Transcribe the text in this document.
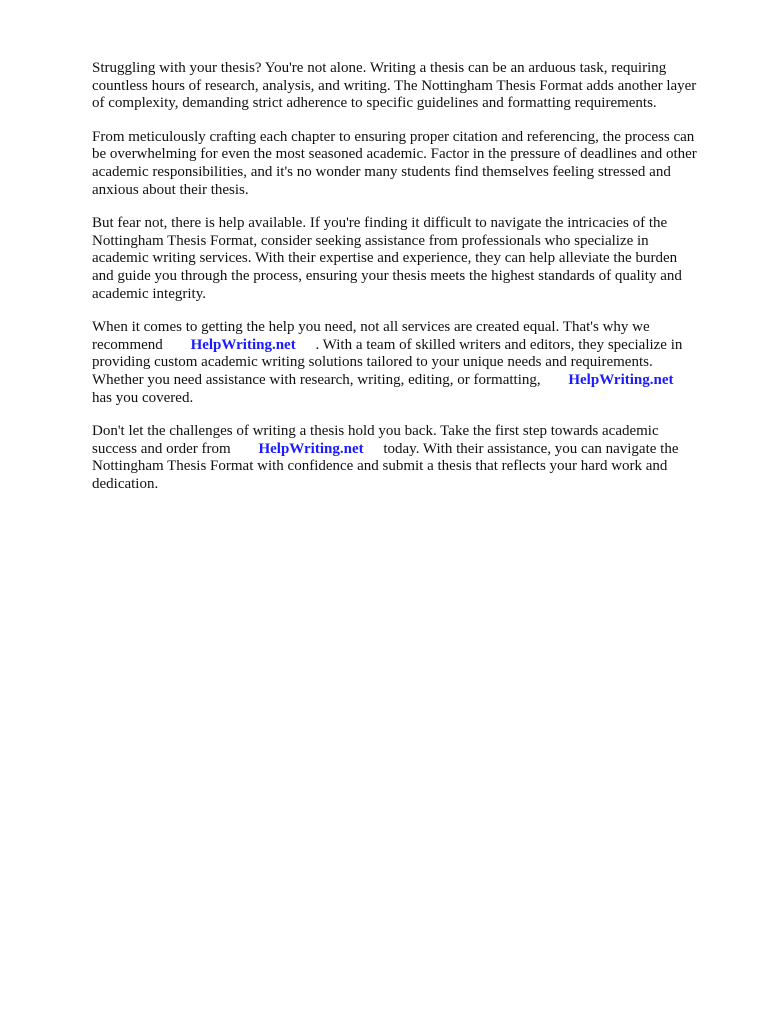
Struggling with your thesis? You're not alone. Writing a thesis can be an arduous task, requiring
countless hours of research, analysis, and writing. The Nottingham Thesis Format adds another layer
of complexity, demanding strict adherence to specific guidelines and formatting requirements.

From meticulously crafting each chapter to ensuring proper citation and referencing, the process can
be overwhelming for even the most seasoned academic. Factor in the pressure of deadlines and other
academic responsibilities, and it's no wonder many students find themselves feeling stressed and
anxious about their thesis.

But fear not, there is help available. If you're finding it difficult to navigate the intricacies of the
Nottingham Thesis Format, consider seeking assistance from professionals who specialize in
academic writing services. With their expertise and experience, they can help alleviate the burden
and guide you through the process, ensuring your thesis meets the highest standards of quality and
academic integrity.

When it comes to getting the help you need, not all services are created equal. That's why we
recommend HelpWriting.net . With a team of skilled writers and editors, they specialize in
providing custom academic writing solutions tailored to your unique needs and requirements.
Whether you need assistance with research, writing, editing, or formatting, HelpWriting.net
has you covered.

Don't let the challenges of writing a thesis hold you back. Take the first step towards academic
success and order from HelpWriting.net today. With their assistance, you can navigate the
Nottingham Thesis Format with confidence and submit a thesis that reflects your hard work and
dedication.
